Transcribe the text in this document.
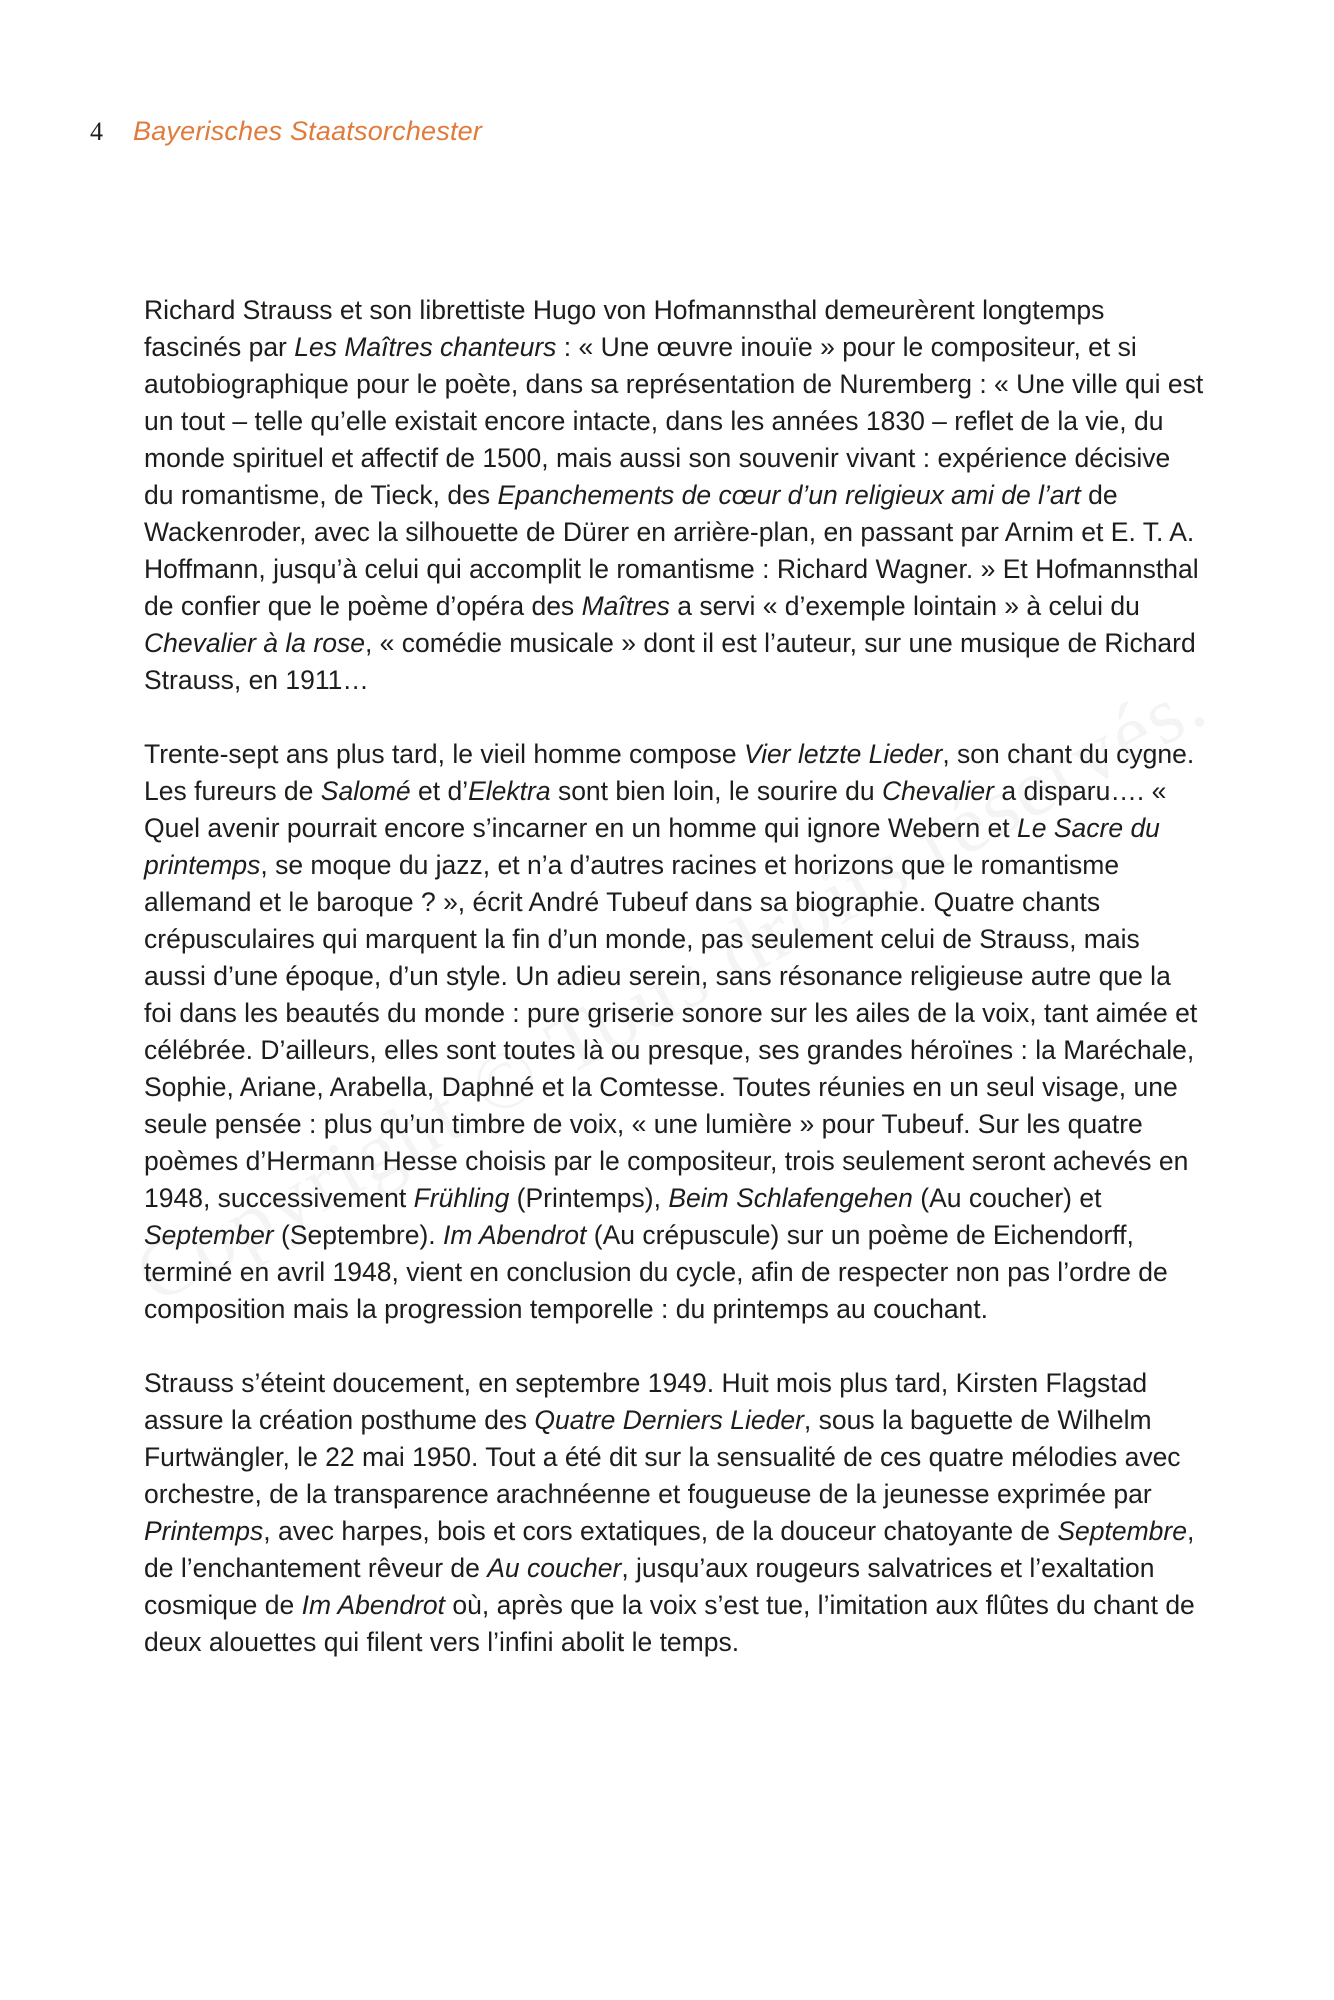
4 Bayerisches Staatsorchester

Richard Strauss et son librettiste Hugo von Hofmannsthal demeurèrent longtemps fascinés par Les Maîtres chanteurs : « Une œuvre inouïe » pour le compositeur, et si autobiographique pour le poète, dans sa représentation de Nuremberg : « Une ville qui est un tout – telle qu’elle existait encore intacte, dans les années 1830 – reflet de la vie, du monde spirituel et affectif de 1500, mais aussi son souvenir vivant : expérience décisive du romantisme, de Tieck, des Epanchements de cœur d’un religieux ami de l’art de Wackenroder, avec la silhouette de Dürer en arrière-plan, en passant par Arnim et E. T. A. Hoffmann, jusqu’à celui qui accomplit le romantisme : Richard Wagner. » Et Hofmannsthal de confier que le poème d’opéra des Maîtres a servi « d’exemple lointain » à celui du Chevalier à la rose, « comédie musicale » dont il est l’auteur, sur une musique de Richard Strauss, en 1911…

Trente-sept ans plus tard, le vieil homme compose Vier letzte Lieder, son chant du cygne. Les fureurs de Salomé et d’Elektra sont bien loin, le sourire du Chevalier a disparu…. « Quel avenir pourrait encore s’incarner en un homme qui ignore Webern et Le Sacre du printemps, se moque du jazz, et n’a d’autres racines et horizons que le romantisme allemand et le baroque ? », écrit André Tubeuf dans sa biographie. Quatre chants crépusculaires qui marquent la fin d’un monde, pas seulement celui de Strauss, mais aussi d’une époque, d’un style. Un adieu serein, sans résonance religieuse autre que la foi dans les beautés du monde : pure griserie sonore sur les ailes de la voix, tant aimée et célébrée. D’ailleurs, elles sont toutes là ou presque, ses grandes héroïnes : la Maréchale, Sophie, Ariane, Arabella, Daphné et la Comtesse. Toutes réunies en un seul visage, une seule pensée : plus qu’un timbre de voix, « une lumière » pour Tubeuf. Sur les quatre poèmes d’Hermann Hesse choisis par le compositeur, trois seulement seront achevés en 1948, successivement Frühling (Printemps), Beim Schlafengehen (Au coucher) et September (Septembre). Im Abendrot (Au crépuscule) sur un poème de Eichendorff, terminé en avril 1948, vient en conclusion du cycle, afin de respecter non pas l’ordre de composition mais la progression temporelle : du printemps au couchant.

Strauss s’éteint doucement, en septembre 1949. Huit mois plus tard, Kirsten Flagstad assure la création posthume des Quatre Derniers Lieder, sous la baguette de Wilhelm Furtwängler, le 22 mai 1950. Tout a été dit sur la sensualité de ces quatre mélodies avec orchestre, de la transparence arachnéenne et fougueuse de la jeunesse exprimée par Printemps, avec harpes, bois et cors extatiques, de la douceur chatoyante de Septembre, de l’enchantement rêveur de Au coucher, jusqu’aux rougeurs salvatrices et l’exaltation cosmique de Im Abendrot où, après que la voix s’est tue, l’imitation aux flûtes du chant de deux alouettes qui filent vers l’infini abolit le temps.
